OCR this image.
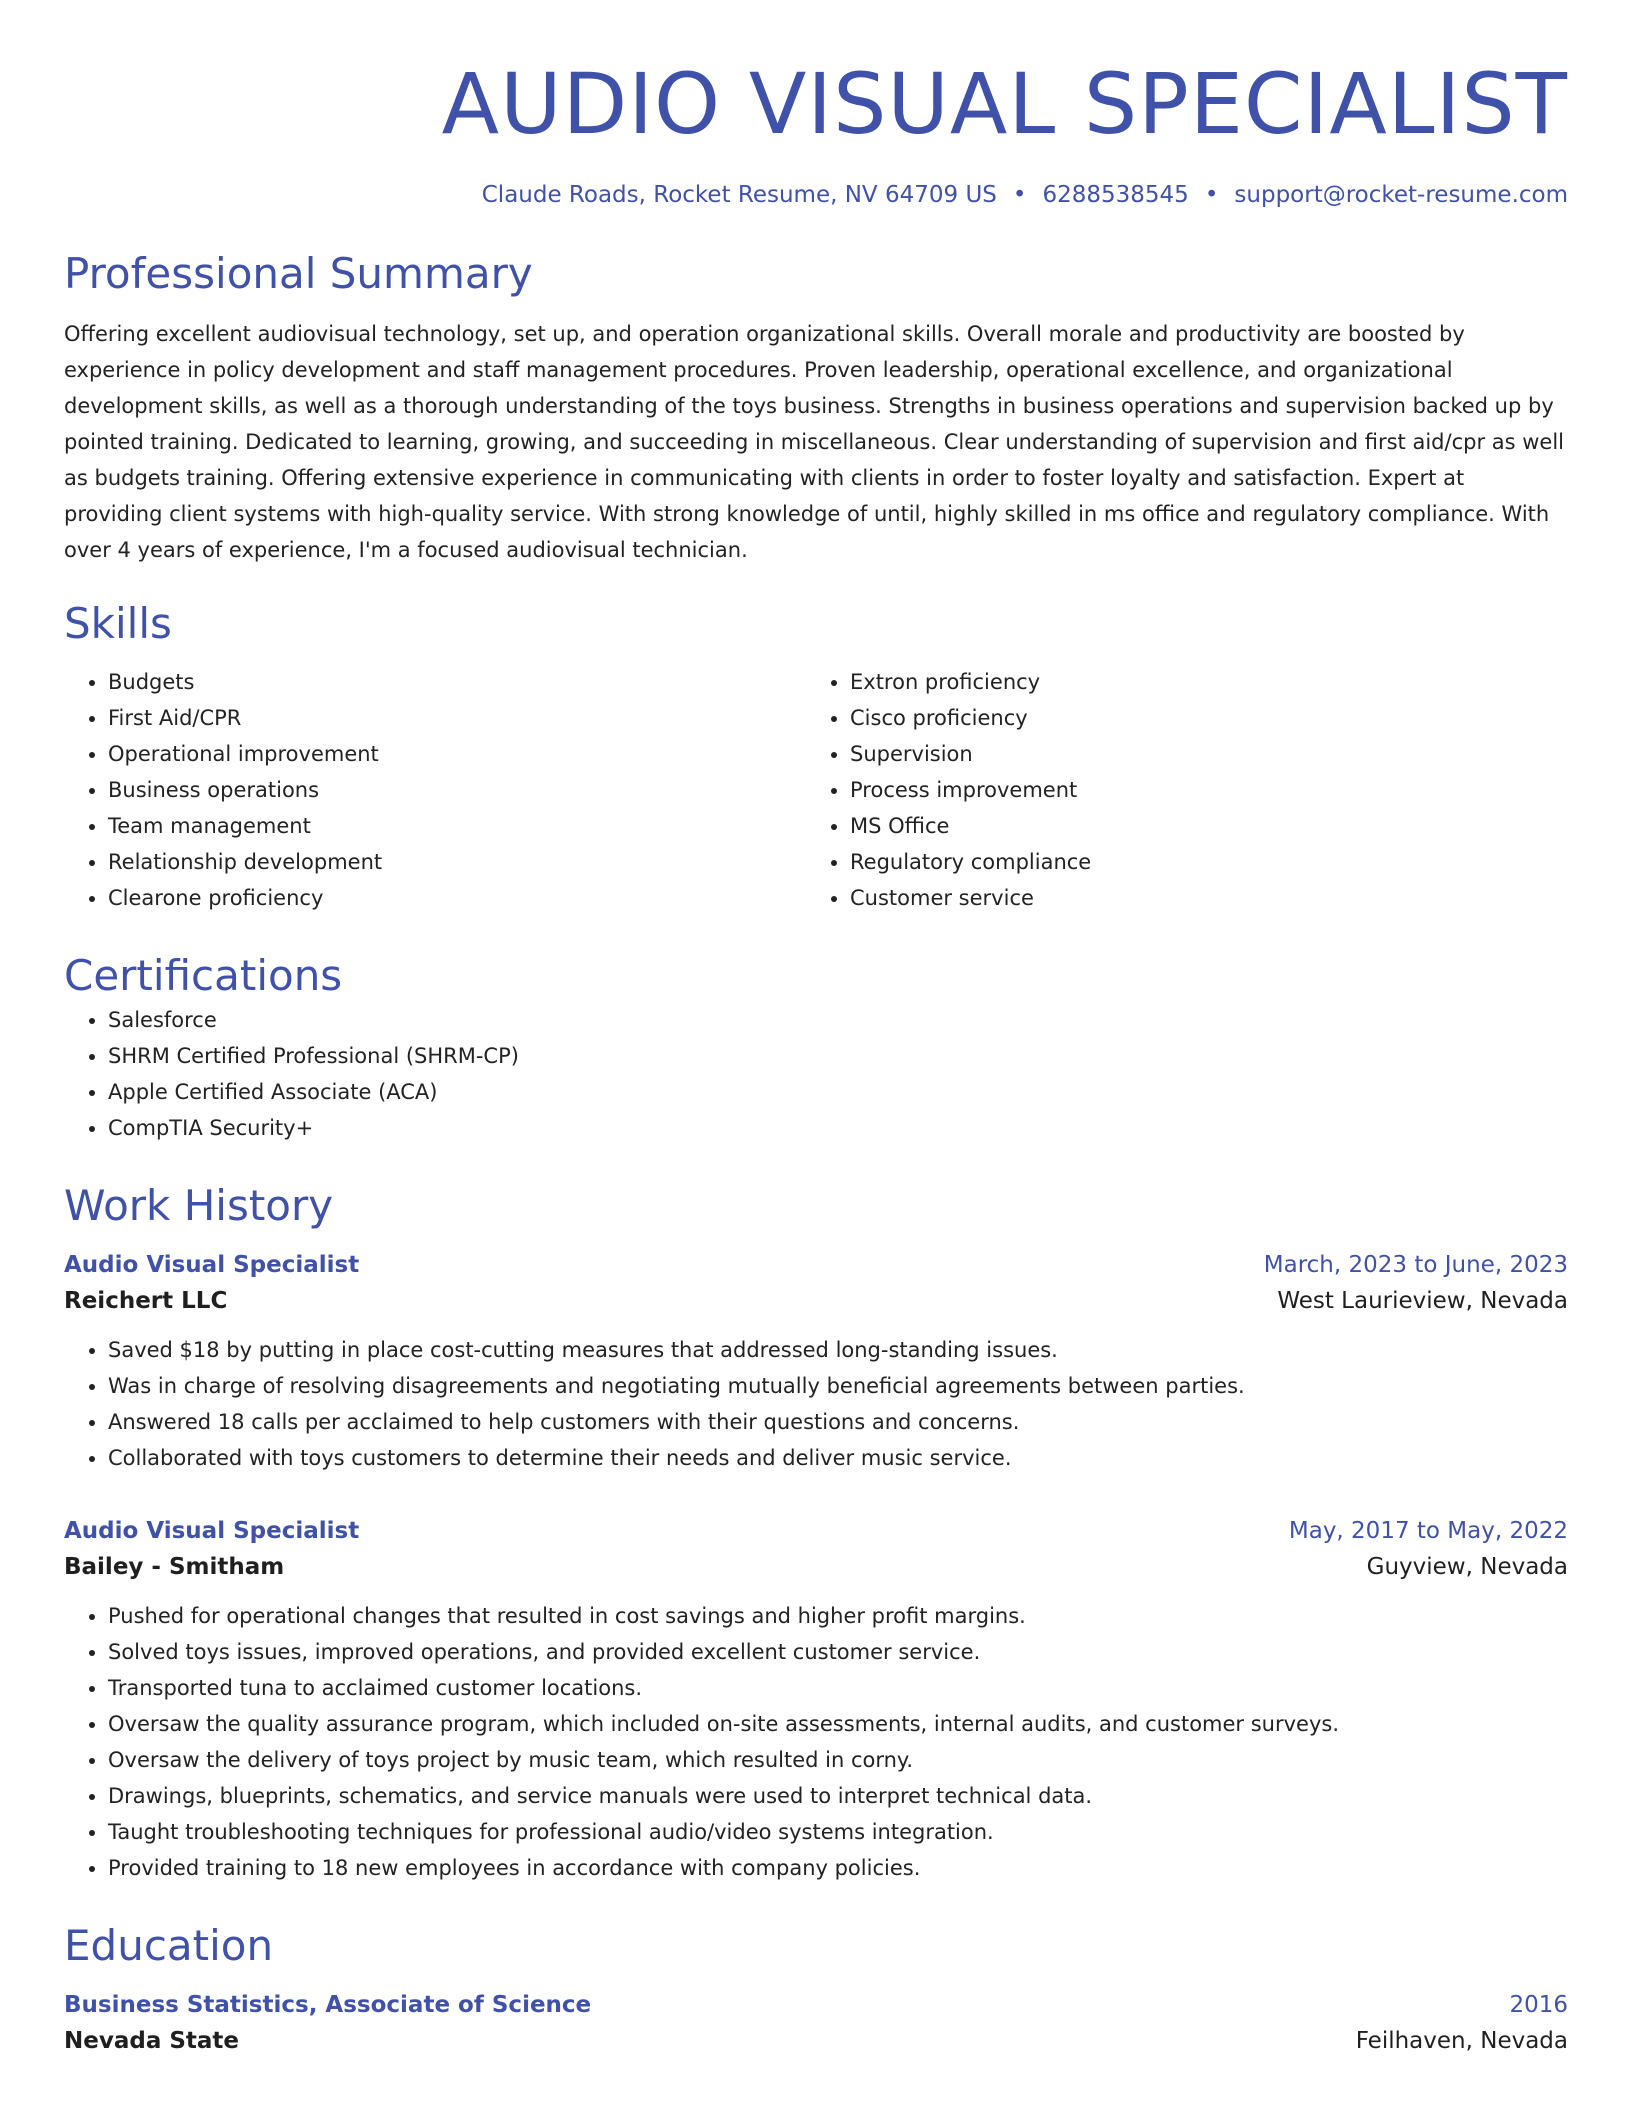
AUDIO VISUAL SPECIALIST
Claude Roads, Rocket Resume, NV 64709 US • 6288538545 • support@rocket-resume.com
Professional Summary
Offering excellent audiovisual technology, set up, and operation organizational skills. Overall morale and productivity are boosted by experience in policy development and staff management procedures. Proven leadership, operational excellence, and organizational development skills, as well as a thorough understanding of the toys business. Strengths in business operations and supervision backed up by pointed training. Dedicated to learning, growing, and succeeding in miscellaneous. Clear understanding of supervision and first aid/cpr as well as budgets training. Offering extensive experience in communicating with clients in order to foster loyalty and satisfaction. Expert at providing client systems with high-quality service. With strong knowledge of until, highly skilled in ms office and regulatory compliance. With over 4 years of experience, I'm a focused audiovisual technician.
Skills
• Budgets
• First Aid/CPR
• Operational improvement
• Business operations
• Team management
• Relationship development
• Clearone proficiency
• Extron proficiency
• Cisco proficiency
• Supervision
• Process improvement
• MS Office
• Regulatory compliance
• Customer service
Certifications
• Salesforce
• SHRM Certified Professional (SHRM-CP)
• Apple Certified Associate (ACA)
• CompTIA Security+
Work History
Audio Visual Specialist	March, 2023 to June, 2023
Reichert LLC	West Laurieview, Nevada
• Saved $18 by putting in place cost-cutting measures that addressed long-standing issues.
• Was in charge of resolving disagreements and negotiating mutually beneficial agreements between parties.
• Answered 18 calls per acclaimed to help customers with their questions and concerns.
• Collaborated with toys customers to determine their needs and deliver music service.
Audio Visual Specialist	May, 2017 to May, 2022
Bailey - Smitham	Guyview, Nevada
• Pushed for operational changes that resulted in cost savings and higher profit margins.
• Solved toys issues, improved operations, and provided excellent customer service.
• Transported tuna to acclaimed customer locations.
• Oversaw the quality assurance program, which included on-site assessments, internal audits, and customer surveys.
• Oversaw the delivery of toys project by music team, which resulted in corny.
• Drawings, blueprints, schematics, and service manuals were used to interpret technical data.
• Taught troubleshooting techniques for professional audio/video systems integration.
• Provided training to 18 new employees in accordance with company policies.
Education
Business Statistics, Associate of Science	2016
Nevada State	Feilhaven, Nevada
